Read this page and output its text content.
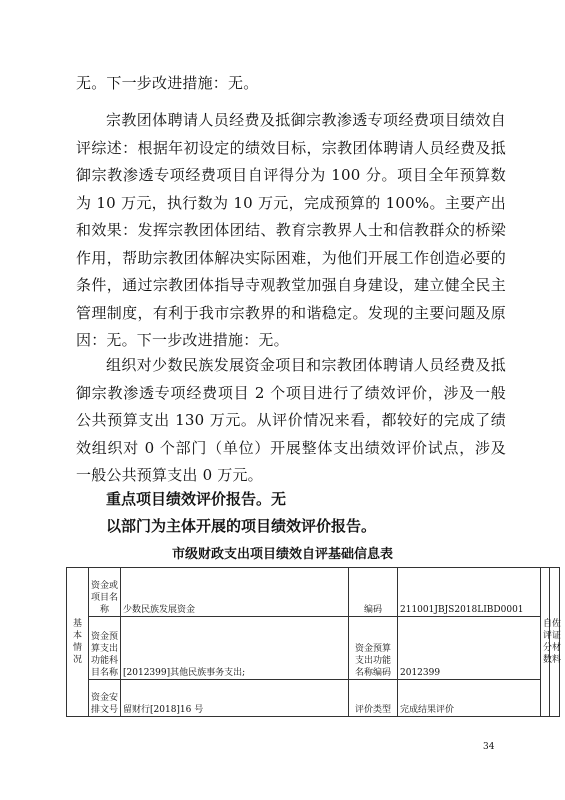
无。下一步改进措施：无。

宗教团体聘请人员经费及抵御宗教渗透专项经费项目绩效自评综述：根据年初设定的绩效目标，宗教团体聘请人员经费及抵御宗教渗透专项经费项目自评得分为 100 分。项目全年预算数为 10 万元，执行数为 10 万元，完成预算的 100%。主要产出和效果：发挥宗教团体团结、教育宗教界人士和信教群众的桥梁作用，帮助宗教团体解决实际困难，为他们开展工作创造必要的条件，通过宗教团体指导寺观教堂加强自身建设，建立健全民主管理制度，有利于我市宗教界的和谐稳定。发现的主要问题及原因：无。下一步改进措施：无。

组织对少数民族发展资金项目和宗教团体聘请人员经费及抵御宗教渗透专项经费项目 2 个项目进行了绩效评价，涉及一般公共预算支出 130 万元。从评价情况来看，都较好的完成了绩效组织对 0 个部门（单位）开展整体支出绩效评价试点，涉及一般公共预算支出 0 万元。

重点项目绩效评价报告。无

以部门为主体开展的项目绩效评价报告。

市级财政支出项目绩效自评基础信息表
基本情况	资金或项目名称	少数民族发展资金	编码	211001JBJS2018LIBD0001	自评分数	佐证材料
	资金预算支出功能科目名称	[2012399]其他民族事务支出;	资金预算支出功能名称编码	2012399		
	资金安排文号	留财行[2018]16 号	评价类型	完成结果评价		
34
